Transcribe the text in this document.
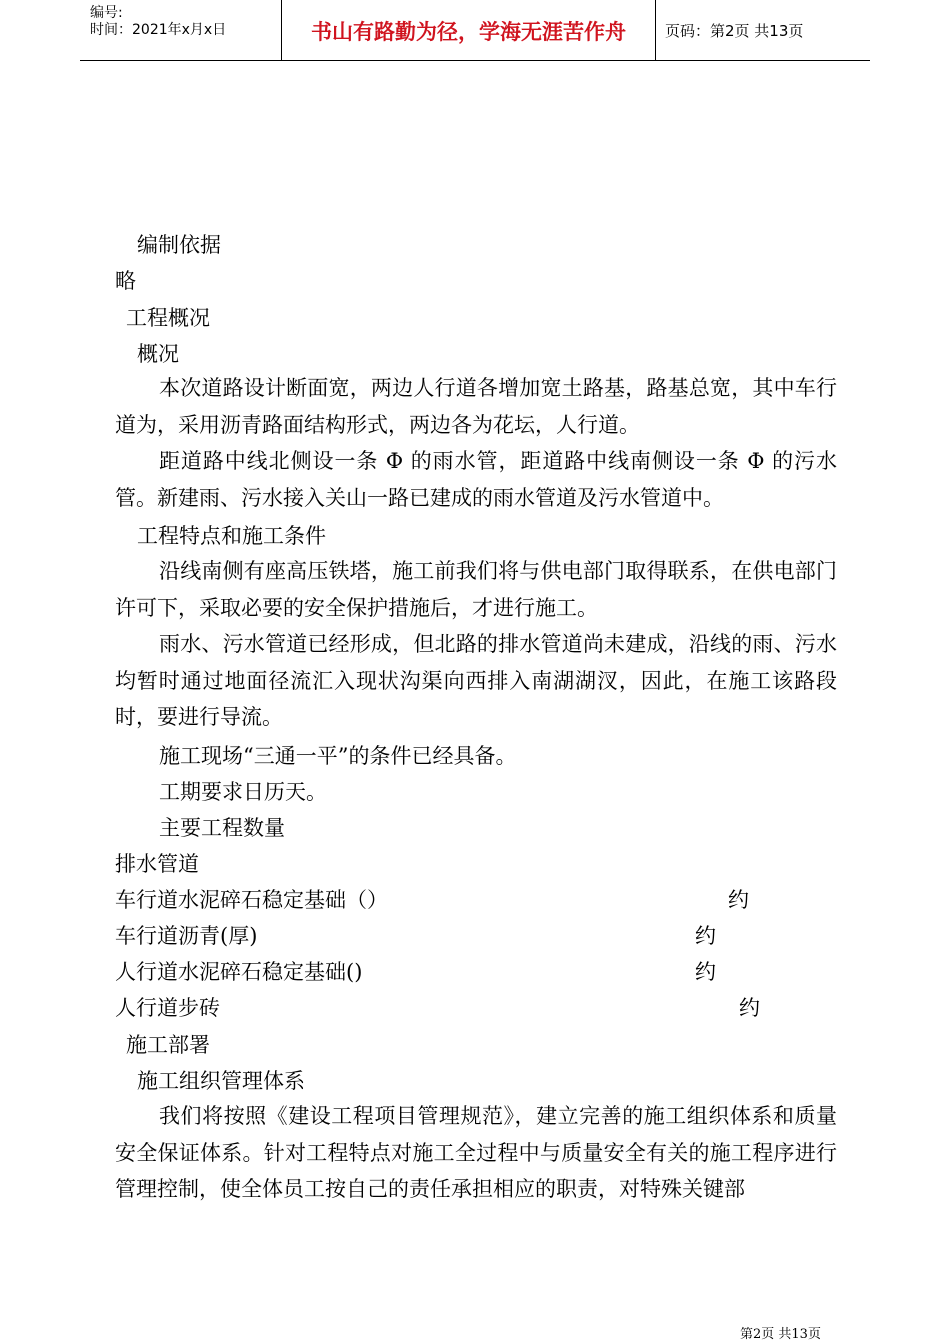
编号:
时间：2021年x月x日	书山有路勤为径，学海无涯苦作舟	页码：第2页 共13页
编制依据
略
工程概况
概况
本次道路设计断面宽，两边人行道各增加宽土路基，路基总宽，其中车行道为，采用沥青路面结构形式，两边各为花坛，人行道。
距道路中线北侧设一条 Φ 的雨水管，距道路中线南侧设一条 Φ 的污水管。新建雨、污水接入关山一路已建成的雨水管道及污水管道中。
工程特点和施工条件
沿线南侧有座高压铁塔，施工前我们将与供电部门取得联系，在供电部门许可下，采取必要的安全保护措施后，才进行施工。
雨水、污水管道已经形成，但北路的排水管道尚未建成，沿线的雨、污水均暂时通过地面径流汇入现状沟渠向西排入南湖湖汊，因此，在施工该路段时，要进行导流。
施工现场“三通一平”的条件已经具备。
工期要求日历天。
主要工程数量
排水管道
车行道水泥碎石稳定基础（）	约
车行道沥青(厚)	约
人行道水泥碎石稳定基础()	约
人行道步砖	约
施工部署
施工组织管理体系
我们将按照《建设工程项目管理规范》，建立完善的施工组织体系和质量安全保证体系。针对工程特点对施工全过程中与质量安全有关的施工程序进行管理控制，使全体员工按自己的责任承担相应的职责，对特殊关键部
第2页 共13页
